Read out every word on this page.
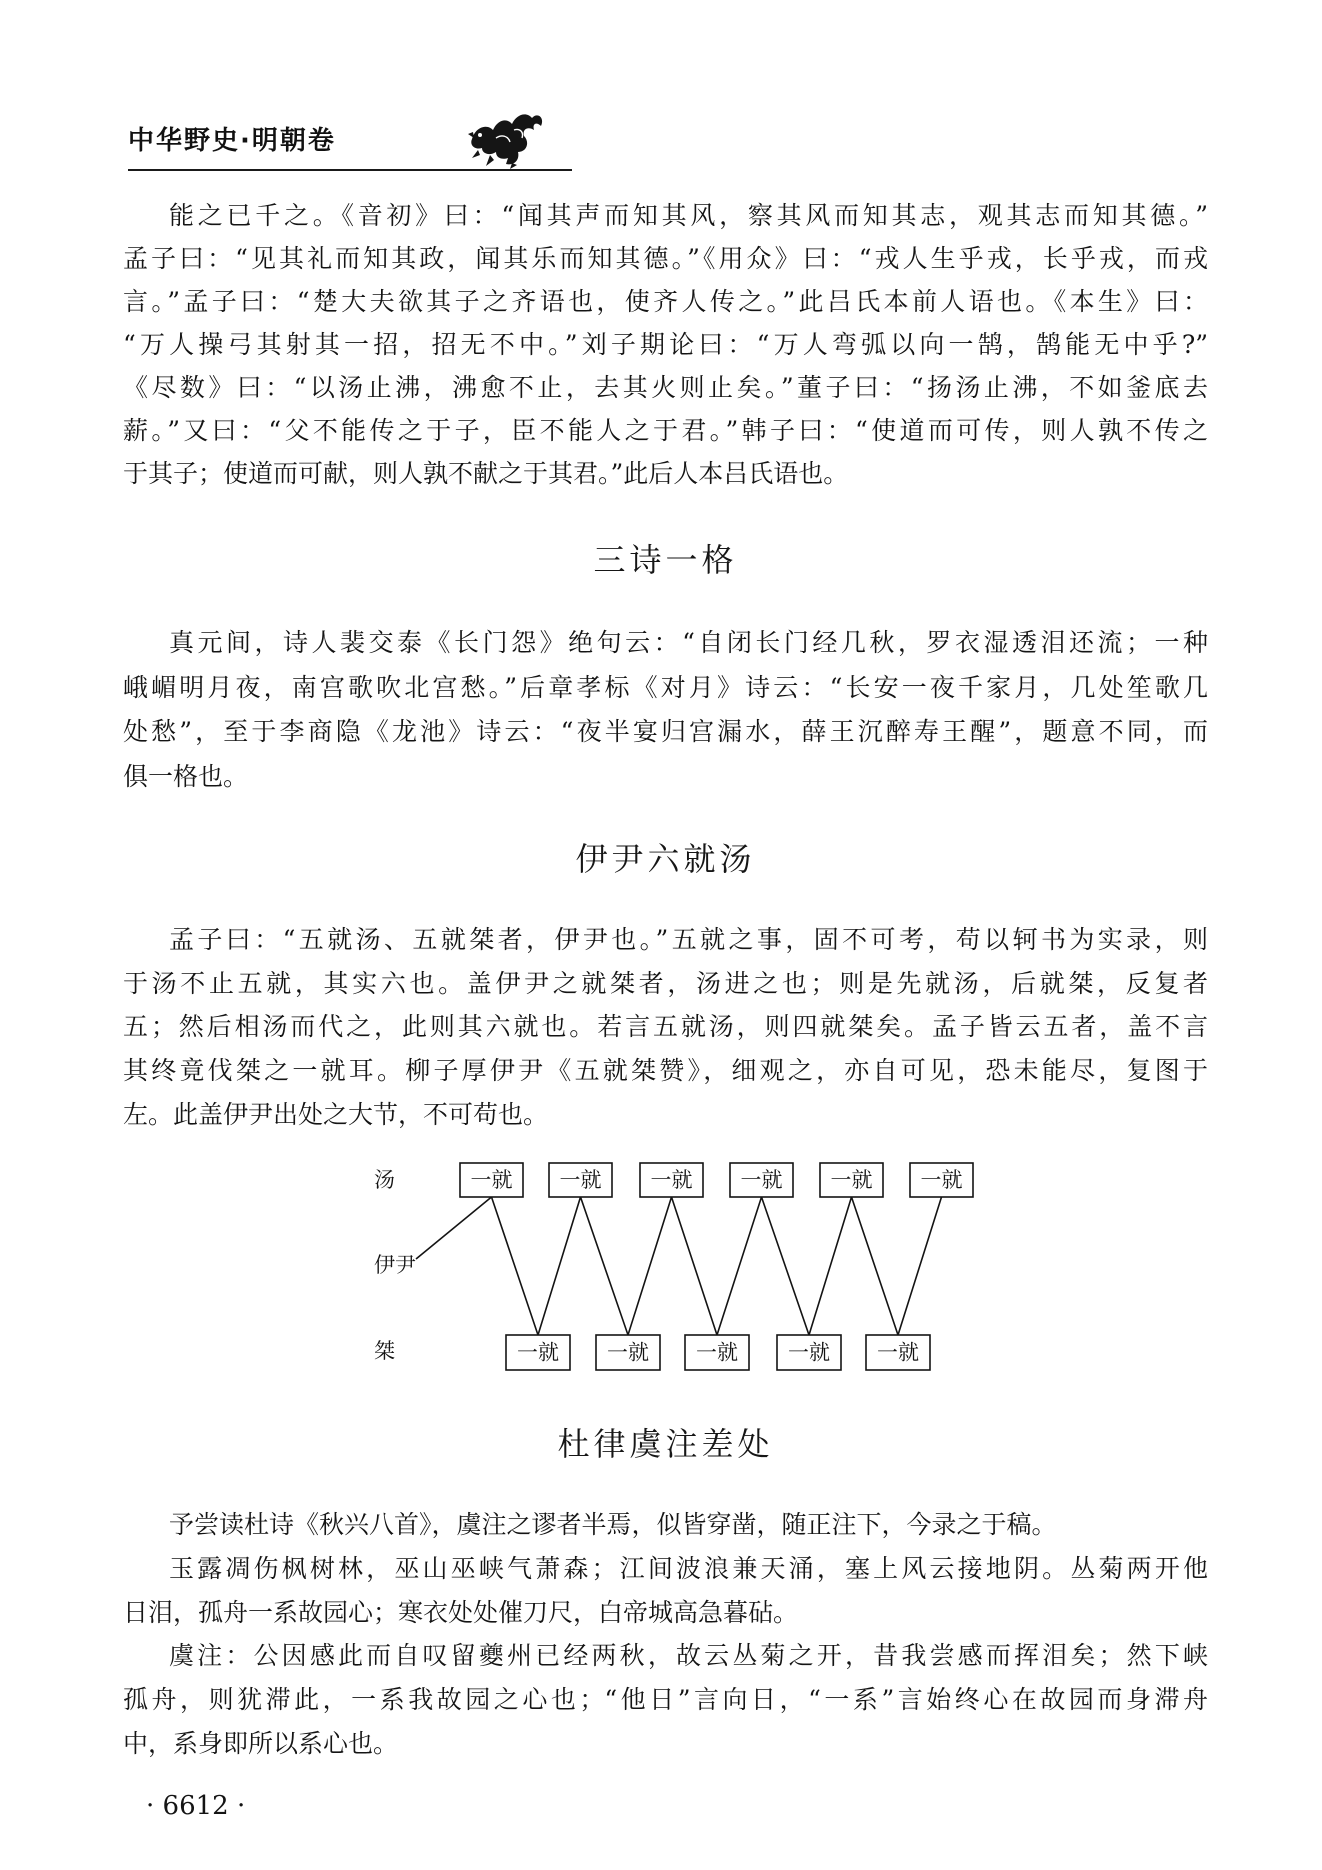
中华野史·明朝卷
能之已千之。《音初》曰：“闻其声而知其风，察其风而知其志，观其志而知其德。”
孟子曰：“见其礼而知其政，闻其乐而知其德。”《用众》曰：“戎人生乎戎，长乎戎，而戎
言。”孟子曰：“楚大夫欲其子之齐语也，使齐人传之。”此吕氏本前人语也。《本生》曰：
“万人操弓其射其一招，招无不中。”刘子期论曰：“万人弯弧以向一鹄，鹄能无中乎?”
《尽数》曰：“以汤止沸，沸愈不止，去其火则止矣。”董子曰：“扬汤止沸，不如釜底去
薪。”又曰：“父不能传之于子，臣不能人之于君。”韩子曰：“使道而可传，则人孰不传之
于其子；使道而可献，则人孰不献之于其君。”此后人本吕氏语也。
三诗一格
真元间，诗人裴交泰《长门怨》绝句云：“自闭长门经几秋，罗衣湿透泪还流；一种
峨嵋明月夜，南宫歌吹北宫愁。”后章孝标《对月》诗云：“长安一夜千家月，几处笙歌几
处愁”，至于李商隐《龙池》诗云：“夜半宴归宫漏水，薛王沉醉寿王醒”，题意不同，而
俱一格也。
伊尹六就汤
孟子曰：“五就汤、五就桀者，伊尹也。”五就之事，固不可考，苟以轲书为实录，则
于汤不止五就，其实六也。盖伊尹之就桀者，汤进之也；则是先就汤，后就桀，反复者
五；然后相汤而代之，此则其六就也。若言五就汤，则四就桀矣。孟子皆云五者，盖不言
其终竟伐桀之一就耳。柳子厚伊尹《五就桀赞》，细观之，亦自可见，恐未能尽，复图于
左。此盖伊尹出处之大节，不可苟也。
汤
伊尹
桀
一就 一就 一就 一就 一就 一就
一就 一就 一就 一就 一就
杜律虞注差处
予尝读杜诗《秋兴八首》，虞注之谬者半焉，似皆穿凿，随正注下，今录之于稿。
玉露凋伤枫树林，巫山巫峡气萧森；江间波浪兼天涌，塞上风云接地阴。丛菊两开他
日泪，孤舟一系故园心；寒衣处处催刀尺，白帝城高急暮砧。
虞注：公因感此而自叹留夔州已经两秋，故云丛菊之开，昔我尝感而挥泪矣；然下峡
孤舟，则犹滞此，一系我故园之心也；“他日”言向日，“一系”言始终心在故园而身滞舟
中，系身即所以系心也。
· 6612 ·
